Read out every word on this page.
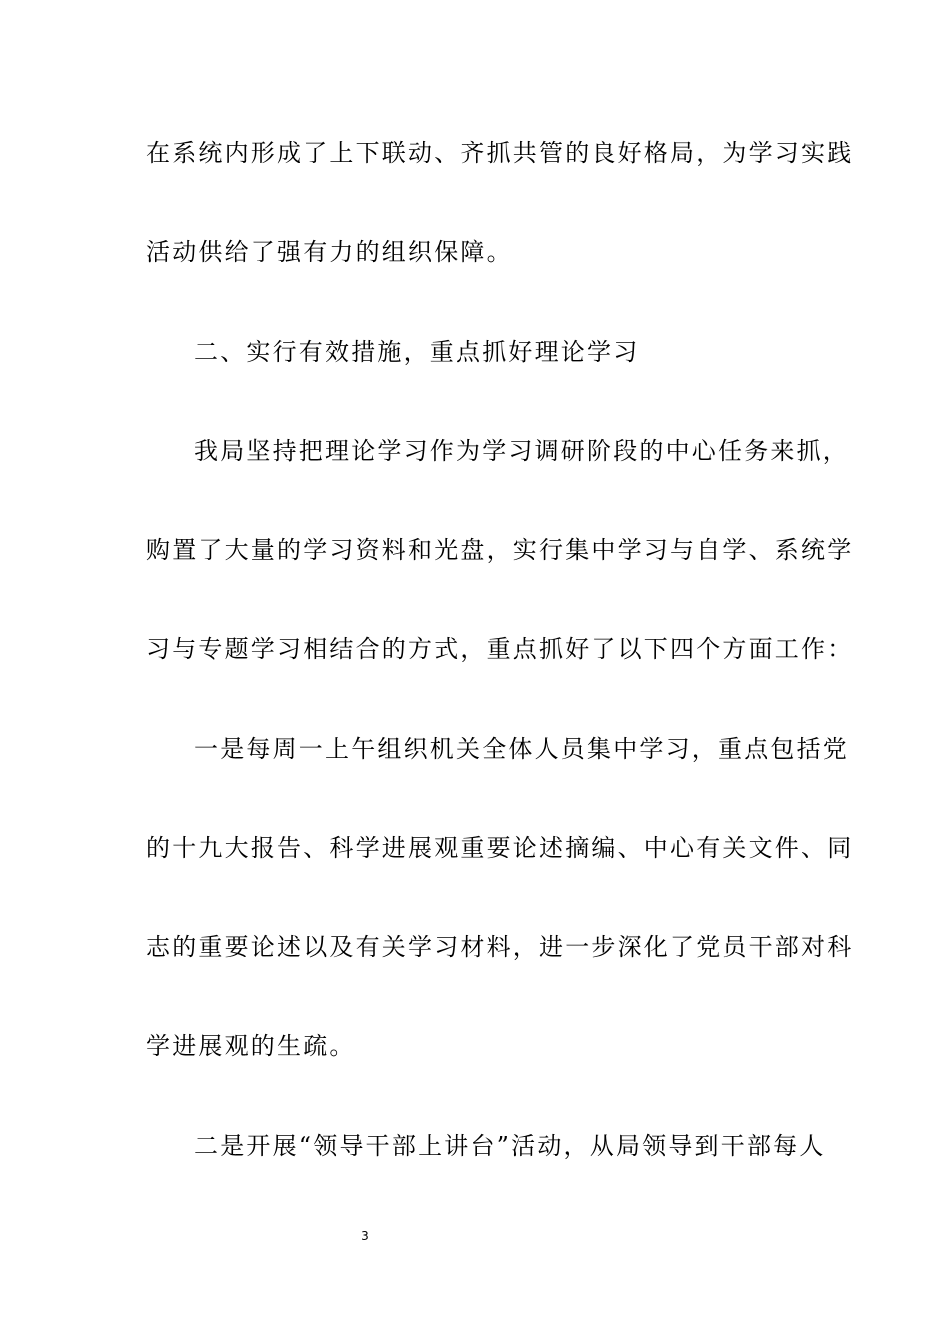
在系统内形成了上下联动、齐抓共管的良好格局，为学习实践
活动供给了强有力的组织保障。
二、实行有效措施，重点抓好理论学习
我局坚持把理论学习作为学习调研阶段的中心任务来抓，
购置了大量的学习资料和光盘，实行集中学习与自学、系统学
习与专题学习相结合的方式，重点抓好了以下四个方面工作：
一是每周一上午组织机关全体人员集中学习，重点包括党
的十九大报告、科学进展观重要论述摘编、中心有关文件、同
志的重要论述以及有关学习材料，进一步深化了党员干部对科
学进展观的生疏。
二是开展“领导干部上讲台”活动，从局领导到干部每人
3
